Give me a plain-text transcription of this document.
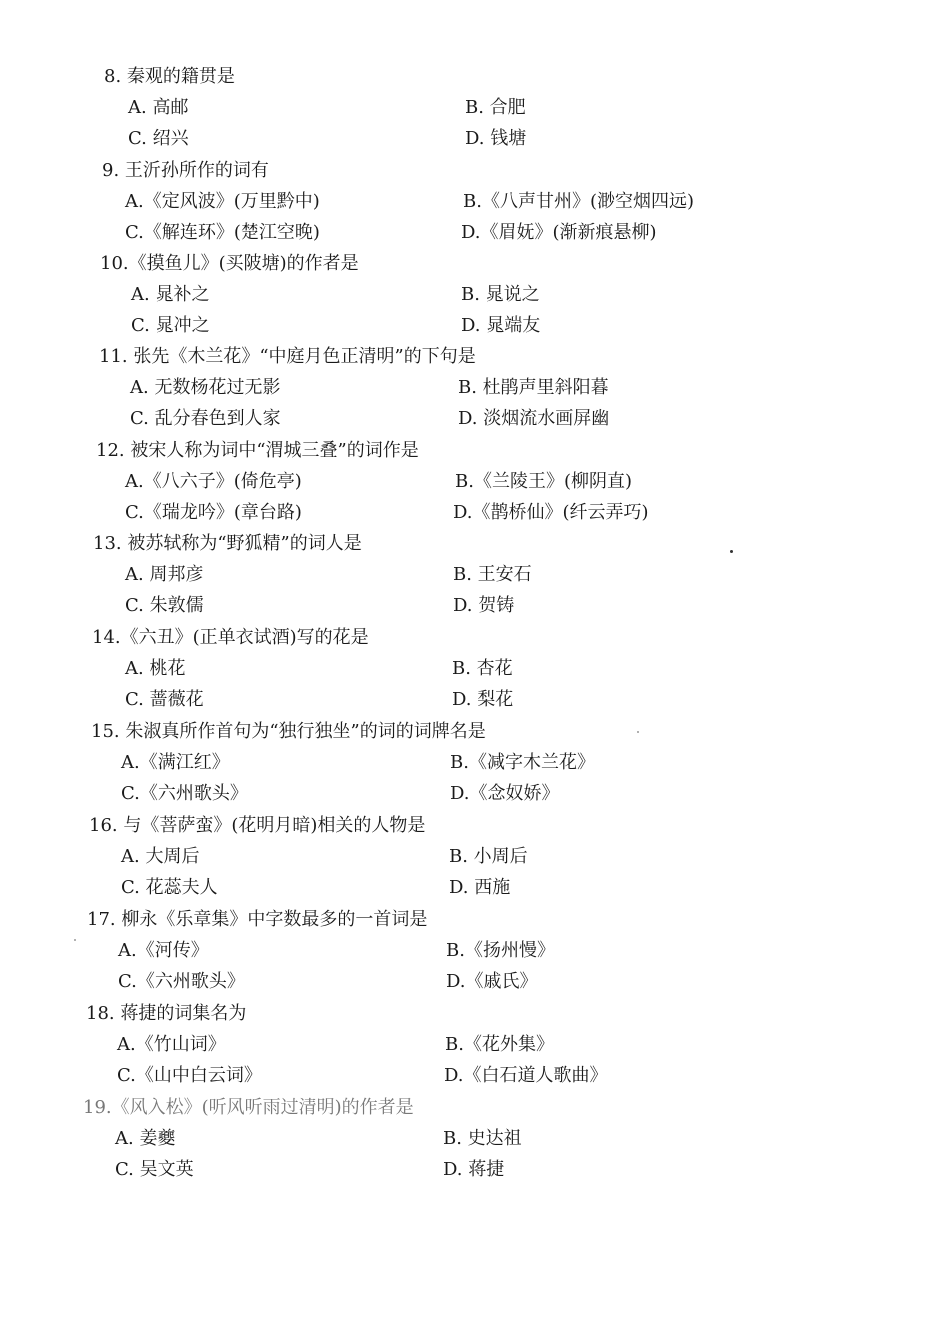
8. 秦观的籍贯是
A. 高邮	B. 合肥
C. 绍兴	D. 钱塘
9. 王沂孙所作的词有
A.《定风波》(万里黔中)	B.《八声甘州》(渺空烟四远)
C.《解连环》(楚江空晚)	D.《眉妩》(渐新痕悬柳)
10.《摸鱼儿》(买陂塘)的作者是
A. 晁补之	B. 晁说之
C. 晁冲之	D. 晁端友
11. 张先《木兰花》“中庭月色正清明”的下句是
A. 无数杨花过无影	B. 杜鹃声里斜阳暮
C. 乱分春色到人家	D. 淡烟流水画屏幽
12. 被宋人称为词中“渭城三叠”的词作是
A.《八六子》(倚危亭)	B.《兰陵王》(柳阴直)
C.《瑞龙吟》(章台路)	D.《鹊桥仙》(纤云弄巧)
13. 被苏轼称为“野狐精”的词人是
A. 周邦彦	B. 王安石
C. 朱敦儒	D. 贺铸
14.《六丑》(正单衣试酒)写的花是
A. 桃花	B. 杏花
C. 蔷薇花	D. 梨花
15. 朱淑真所作首句为“独行独坐”的词的词牌名是
A.《满江红》	B.《减字木兰花》
C.《六州歌头》	D.《念奴娇》
16. 与《菩萨蛮》(花明月暗)相关的人物是
A. 大周后	B. 小周后
C. 花蕊夫人	D. 西施
17. 柳永《乐章集》中字数最多的一首词是
A.《河传》	B.《扬州慢》
C.《六州歌头》	D.《戚氏》
18. 蒋捷的词集名为
A.《竹山词》	B.《花外集》
C.《山中白云词》	D.《白石道人歌曲》
19.《风入松》(听风听雨过清明)的作者是
A. 姜夔	B. 史达祖
C. 吴文英	D. 蒋捷
